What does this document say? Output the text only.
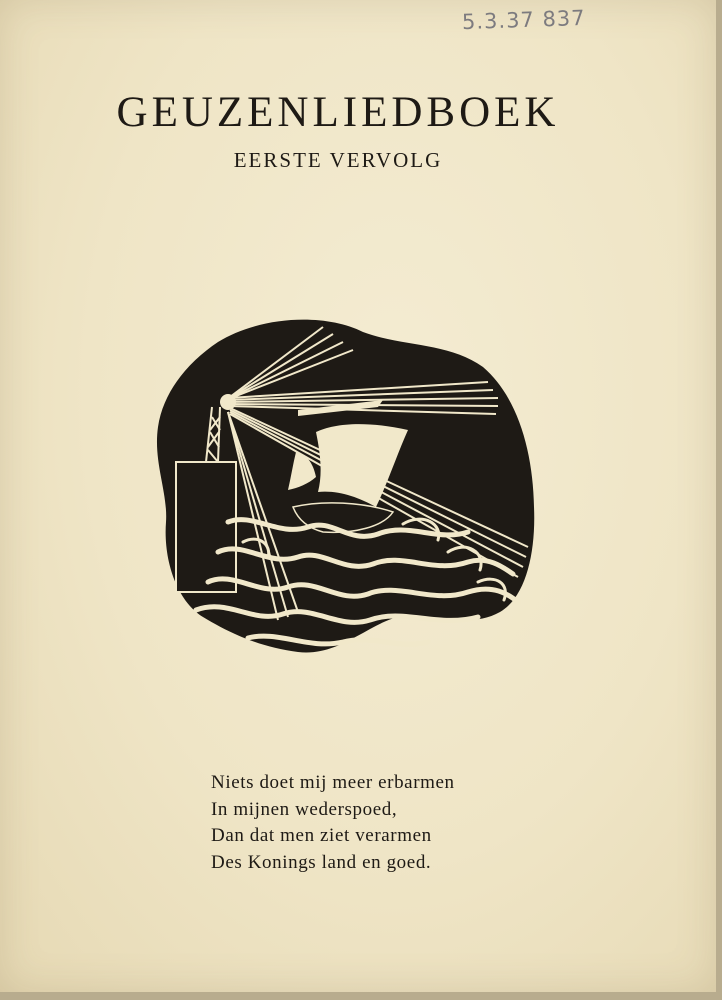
5.3.37 837
GEUZENLIEDBOEK
EERSTE VERVOLG
Niets doet mij meer erbarmen
In mijnen wederspoed,
Dan dat men ziet verarmen
Des Konings land en goed.
